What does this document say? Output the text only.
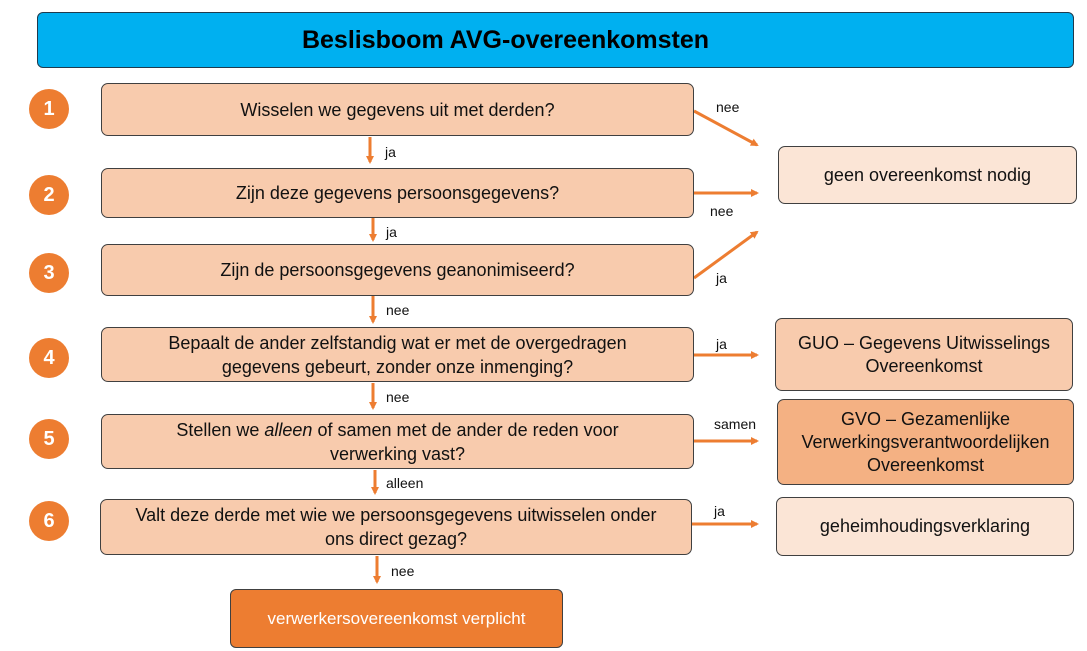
Beslisboom AVG-overeenkomsten
1
2
3
4
5
6
Wisselen we gegevens uit met derden?
Zijn deze gegevens persoonsgegevens?
Zijn de persoonsgegevens geanonimiseerd?
Bepaalt de ander zelfstandig wat er met de overgedragen gegevens gebeurt, zonder onze inmenging?
Stellen we alleen of samen met de ander de reden voor verwerking vast?
Valt deze derde met wie we persoonsgegevens uitwisselen onder ons direct gezag?
geen overeenkomst nodig
GUO – Gegevens Uitwisselings Overeenkomst
GVO – Gezamenlijke Verwerkingsverantwoordelijken Overeenkomst
geheimhoudingsverklaring
verwerkersovereenkomst verplicht
nee
ja
nee
ja
ja
nee
ja
nee
samen
alleen
ja
nee
